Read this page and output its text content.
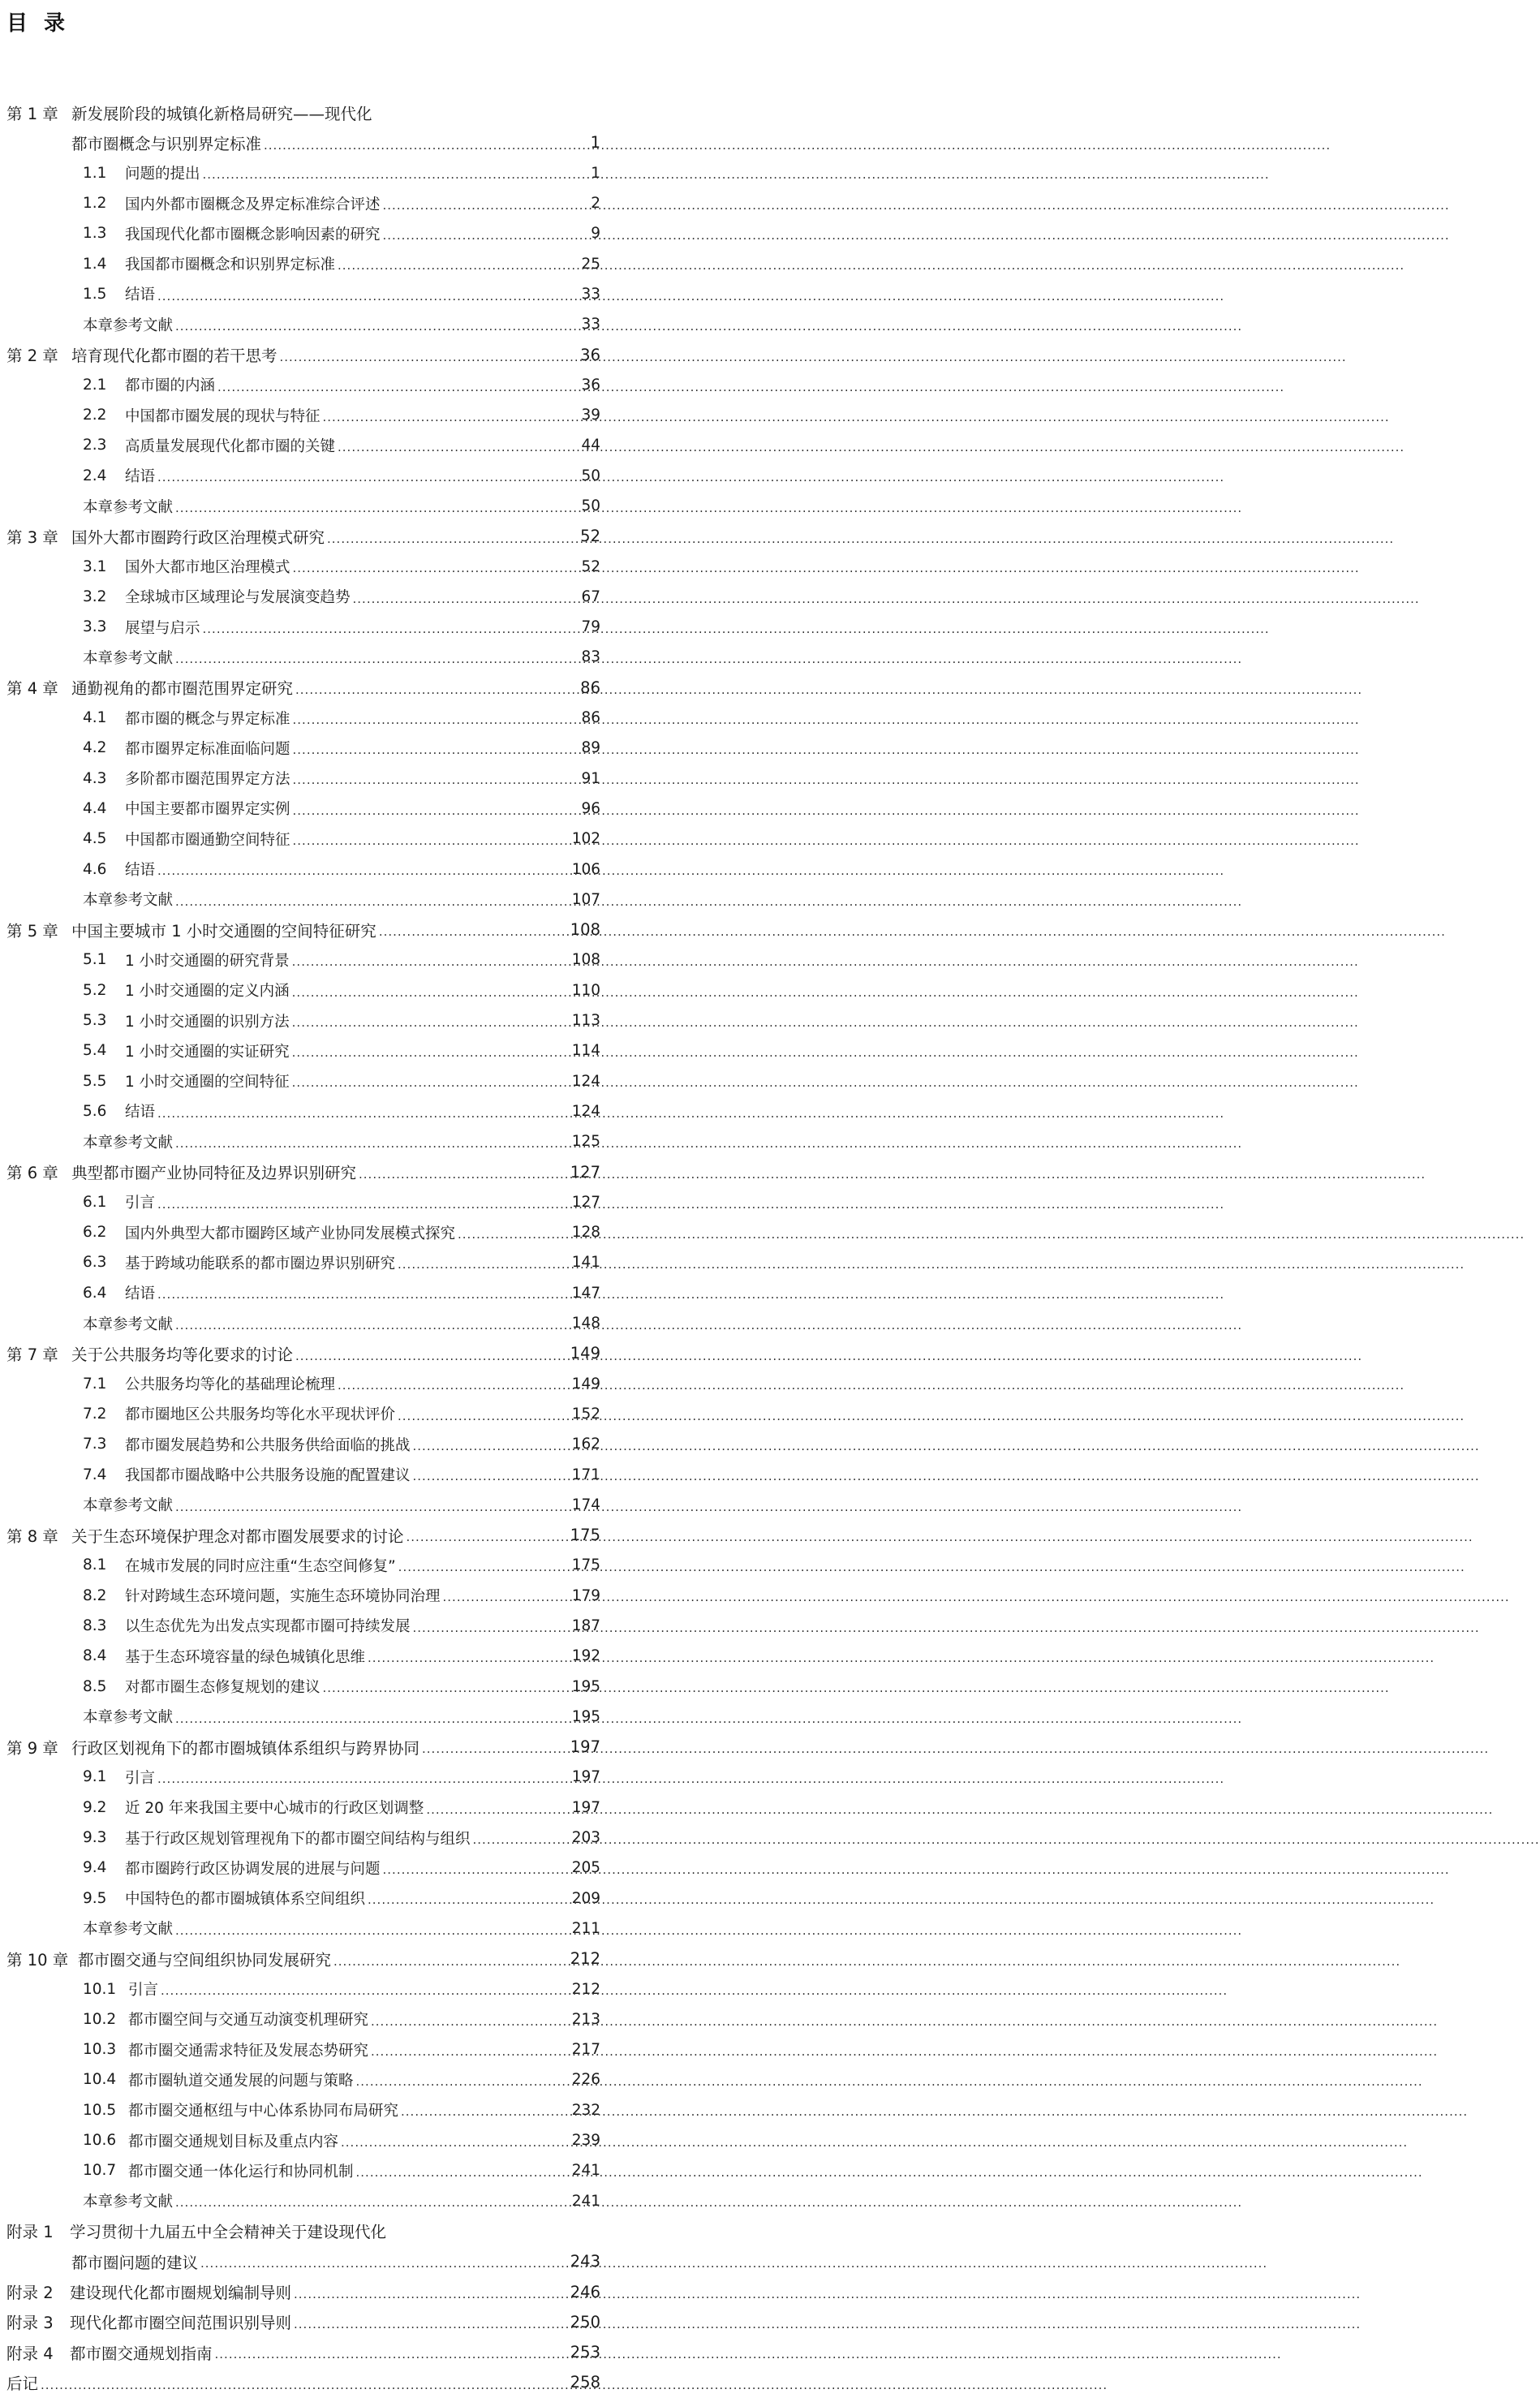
目录
第 1 章 新发展阶段的城镇化新格局研究——现代化
都市圈概念与识别界定标准 .....	1
1.1	问题的提出 .....	1
1.2	国内外都市圈概念及界定标准综合评述 .....	2
1.3	我国现代化都市圈概念影响因素的研究 .....	9
1.4	我国都市圈概念和识别界定标准 .....	25
1.5	结语 .....	33
本章参考文献 .....	33
第 2 章 培育现代化都市圈的若干思考 .....	36
2.1	都市圈的内涵 .....	36
2.2	中国都市圈发展的现状与特征 .....	39
2.3	高质量发展现代化都市圈的关键 .....	44
2.4	结语 .....	50
本章参考文献 .....	50
第 3 章 国外大都市圈跨行政区治理模式研究 .....	52
3.1	国外大都市地区治理模式 .....	52
3.2	全球城市区域理论与发展演变趋势 .....	67
3.3	展望与启示 .....	79
本章参考文献 .....	83
第 4 章 通勤视角的都市圈范围界定研究 .....	86
4.1	都市圈的概念与界定标准 .....	86
4.2	都市圈界定标准面临问题 .....	89
4.3	多阶都市圈范围界定方法 .....	91
4.4	中国主要都市圈界定实例 .....	96
4.5	中国都市圈通勤空间特征 .....	102
4.6	结语 .....	106
本章参考文献 .....	107
第 5 章 中国主要城市 1 小时交通圈的空间特征研究 .....	108
5.1	1 小时交通圈的研究背景 .....	108
5.2	1 小时交通圈的定义内涵 .....	110
5.3	1 小时交通圈的识别方法 .....	113
5.4	1 小时交通圈的实证研究 .....	114
5.5	1 小时交通圈的空间特征 .....	124
5.6	结语 .....	124
本章参考文献 .....	125
第 6 章 典型都市圈产业协同特征及边界识别研究 .....	127
6.1	引言 .....	127
6.2	国内外典型大都市圈跨区域产业协同发展模式探究 .....	128
6.3	基于跨域功能联系的都市圈边界识别研究 .....	141
6.4	结语 .....	147
本章参考文献 .....	148
第 7 章 关于公共服务均等化要求的讨论 .....	149
7.1	公共服务均等化的基础理论梳理 .....	149
7.2	都市圈地区公共服务均等化水平现状评价 .....	152
7.3	都市圈发展趋势和公共服务供给面临的挑战 .....	162
7.4	我国都市圈战略中公共服务设施的配置建议 .....	171
本章参考文献 .....	174
第 8 章 关于生态环境保护理念对都市圈发展要求的讨论 .....	175
8.1	在城市发展的同时应注重“生态空间修复” .....	175
8.2	针对跨域生态环境问题，实施生态环境协同治理 .....	179
8.3	以生态优先为出发点实现都市圈可持续发展 .....	187
8.4	基于生态环境容量的绿色城镇化思维 .....	192
8.5	对都市圈生态修复规划的建议 .....	195
本章参考文献 .....	195
第 9 章 行政区划视角下的都市圈城镇体系组织与跨界协同 .....	197
9.1	引言 .....	197
9.2	近 20 年来我国主要中心城市的行政区划调整 .....	197
9.3	基于行政区规划管理视角下的都市圈空间结构与组织 .....	203
9.4	都市圈跨行政区协调发展的进展与问题 .....	205
9.5	中国特色的都市圈城镇体系空间组织 .....	209
本章参考文献 .....	211
第 10 章 都市圈交通与空间组织协同发展研究 .....	212
10.1 引言 .....	212
10.2 都市圈空间与交通互动演变机理研究 .....	213
10.3 都市圈交通需求特征及发展态势研究 .....	217
10.4 都市圈轨道交通发展的问题与策略 .....	226
10.5 都市圈交通枢纽与中心体系协同布局研究 .....	232
10.6 都市圈交通规划目标及重点内容 .....	239
10.7 都市圈交通一体化运行和协同机制 .....	241
本章参考文献 .....	241
附录 1	学习贯彻十九届五中全会精神关于建设现代化
都市圈问题的建议 .....	243
附录 2	建设现代化都市圈规划编制导则 .....	246
附录 3	现代化都市圈空间范围识别导则 .....	250
附录 4	都市圈交通规划指南 .....	253
后记 .....	258
